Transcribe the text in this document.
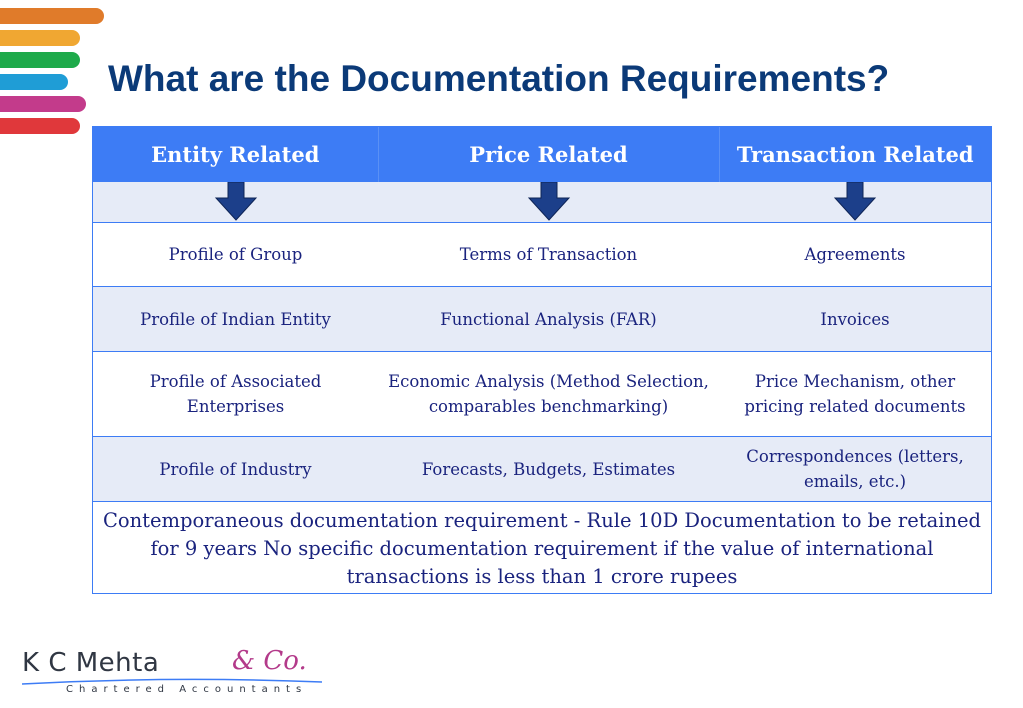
What are the Documentation Requirements?
Entity Related	Price Related	Transaction Related

Profile of Group	Terms of Transaction	Agreements
Profile of Indian Entity	Functional Analysis (FAR)	Invoices
Profile of Associated Enterprises	Economic Analysis (Method Selection, comparables benchmarking)	Price Mechanism, other pricing related documents
Profile of Industry	Forecasts, Budgets, Estimates	Correspondences (letters, emails, etc.)
Contemporaneous documentation requirement - Rule 10D Documentation to be retained for 9 years No specific documentation requirement if the value of international transactions is less than 1 crore rupees		
K C Mehta	& Co.
Chartered Accountants
